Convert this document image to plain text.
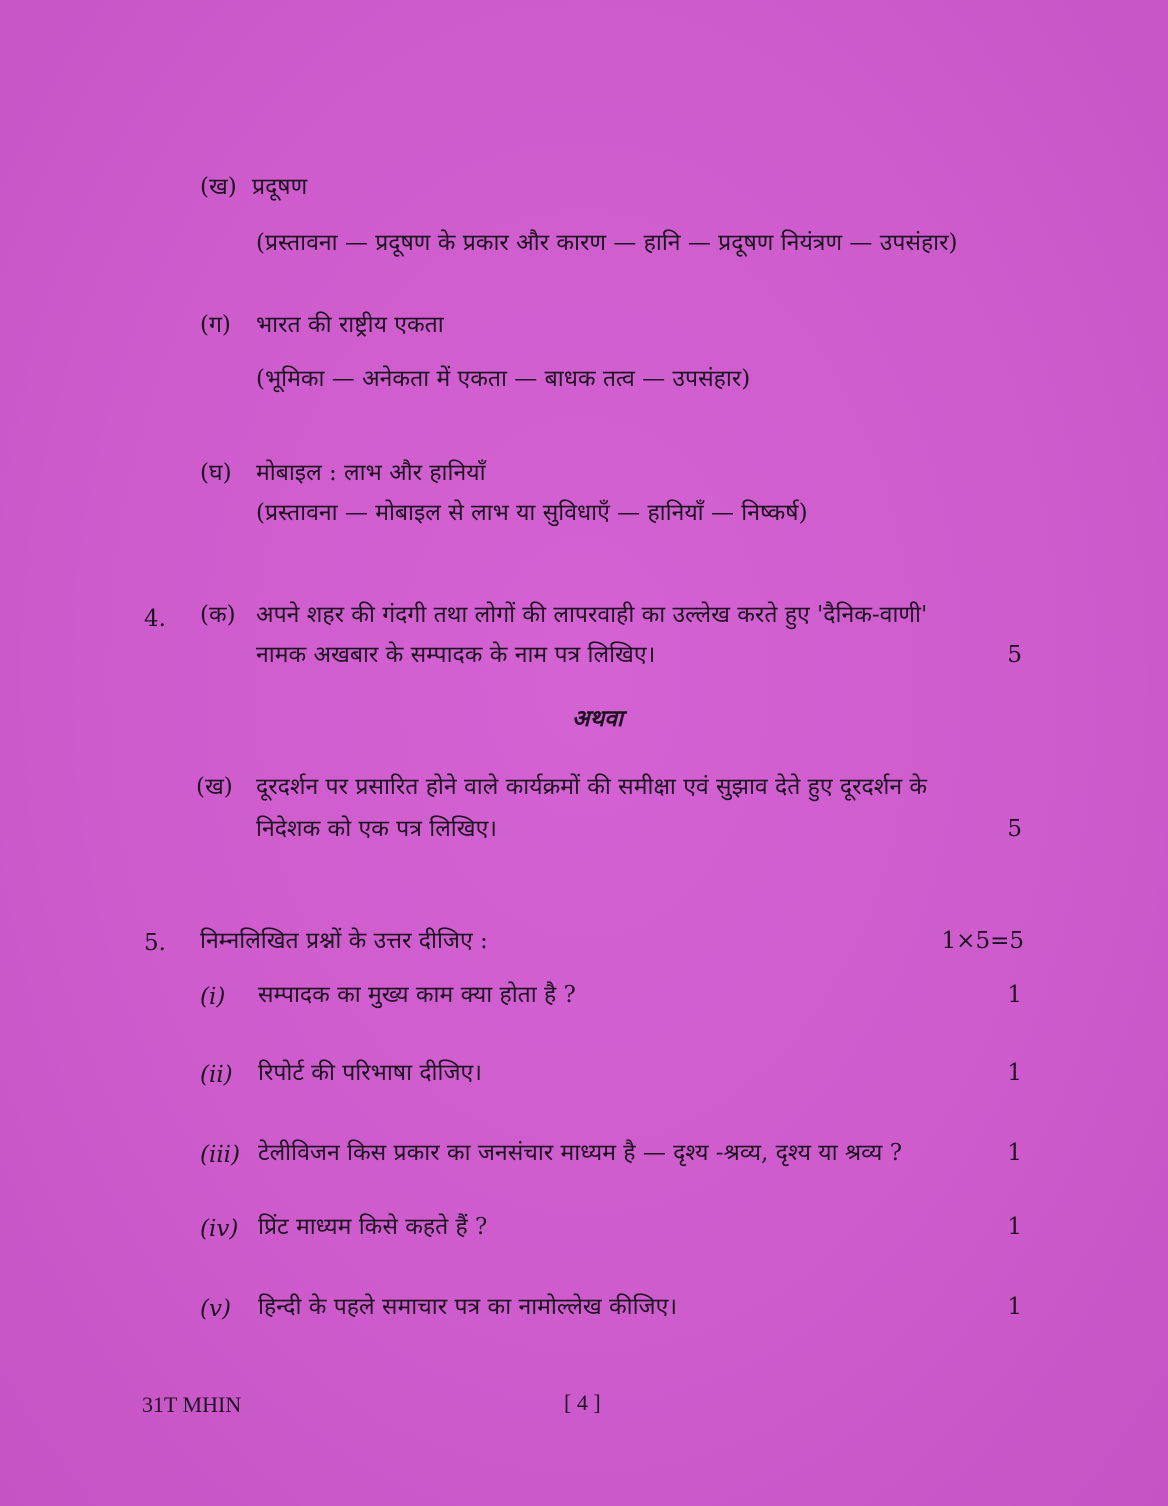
(ख) प्रदूषण
(प्रस्तावना — प्रदूषण के प्रकार और कारण — हानि — प्रदूषण नियंत्रण — उपसंहार)
(ग) भारत की राष्ट्रीय एकता
(भूमिका — अनेकता में एकता — बाधक तत्व — उपसंहार)
(घ) मोबाइल : लाभ और हानियाँ
(प्रस्तावना — मोबाइल से लाभ या सुविधाएँ — हानियाँ — निष्कर्ष)
4. (क) अपने शहर की गंदगी तथा लोगों की लापरवाही का उल्लेख करते हुए 'दैनिक-वाणी'
नामक अखबार के सम्पादक के नाम पत्र लिखिए।	5
अथवा
(ख) दूरदर्शन पर प्रसारित होने वाले कार्यक्रमों की समीक्षा एवं सुझाव देते हुए दूरदर्शन के
निदेशक को एक पत्र लिखिए।	5
5. निम्नलिखित प्रश्नों के उत्तर दीजिए :	1×5=5
(i) सम्पादक का मुख्य काम क्या होता है ?	1
(ii) रिपोर्ट की परिभाषा दीजिए।	1
(iii) टेलीविजन किस प्रकार का जनसंचार माध्यम है — दृश्य -श्रव्य, दृश्य या श्रव्य ?	1
(iv) प्रिंट माध्यम किसे कहते हैं ?	1
(v) हिन्दी के पहले समाचार पत्र का नामोल्लेख कीजिए।	1
31T MHIN	[ 4 ]
